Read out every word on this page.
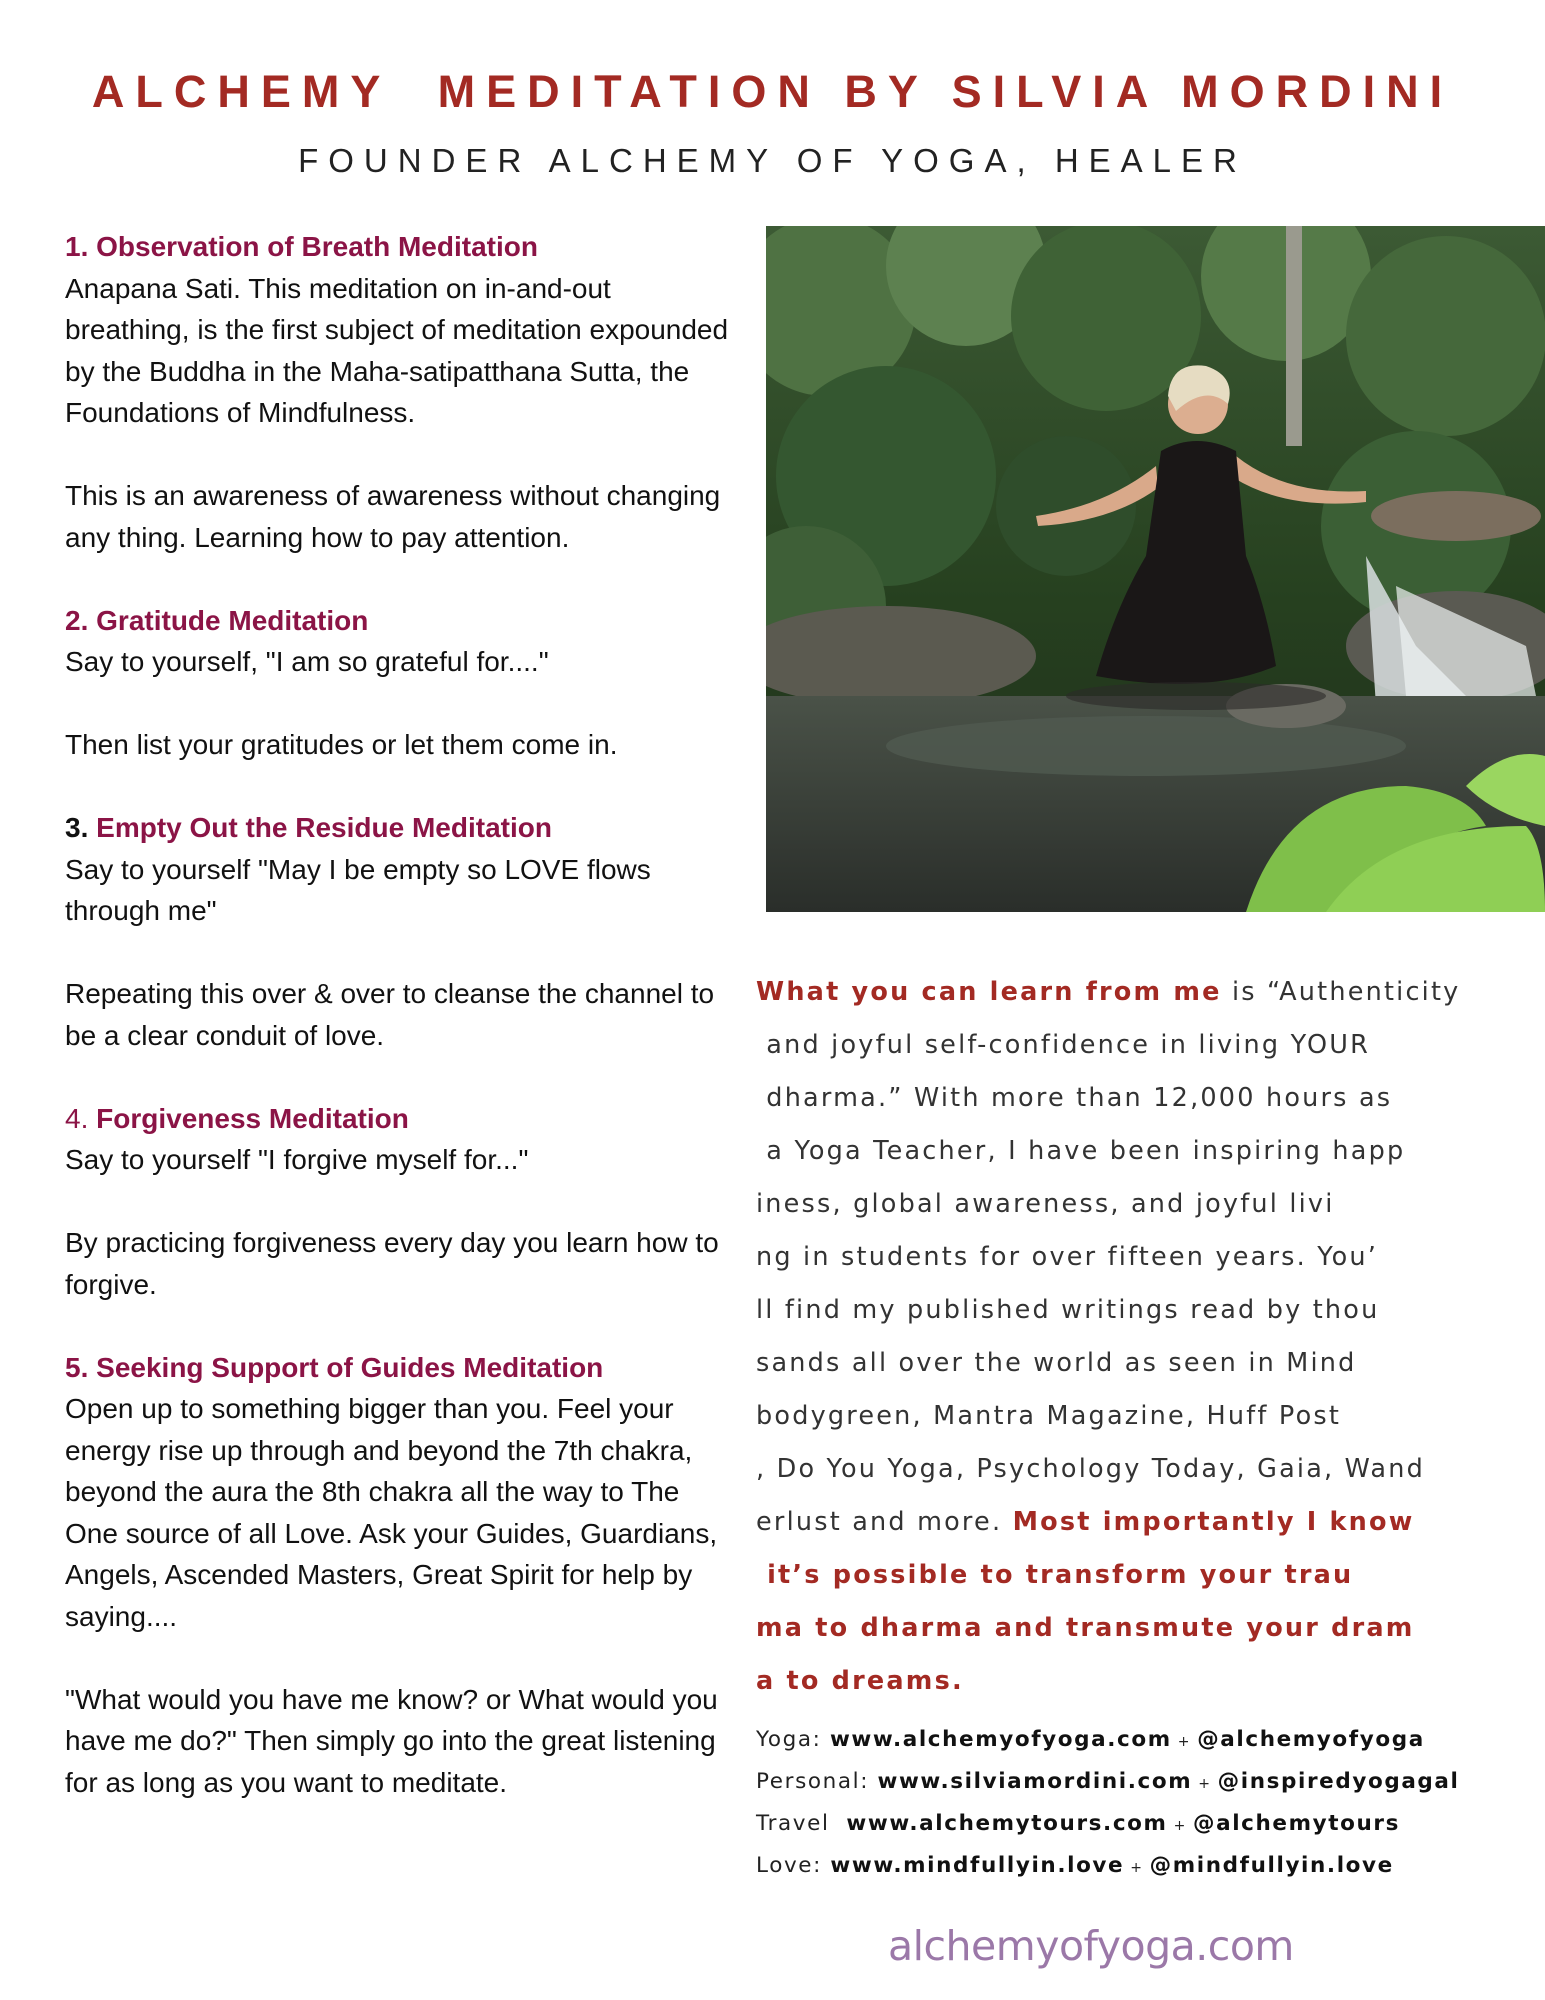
ALCHEMY  MEDITATION BY SILVIA MORDINI
FOUNDER ALCHEMY OF YOGA, HEALER
1. Observation of Breath Meditation

Anapana Sati. This meditation on in-and-out breathing, is the first subject of meditation expounded by the Buddha in the Maha-satipatthana Sutta, the Foundations of Mindfulness.

This is an awareness of awareness without changing any thing. Learning how to pay attention.

2. Gratitude Meditation

Say to yourself, "I am so grateful for...."

Then list your gratitudes or let them come in.

3. Empty Out the Residue Meditation

Say to yourself "May I be empty so LOVE flows through me"

Repeating this over & over to cleanse the channel to be a clear conduit of love.

4. Forgiveness Meditation

Say to yourself "I forgive myself for..."

By practicing forgiveness every day you learn how to forgive.

5. Seeking Support of Guides Meditation

Open up to something bigger than you. Feel your energy rise up through and beyond the 7th chakra, beyond the aura the 8th chakra all the way to The One source of all Love. Ask your Guides, Guardians, Angels, Ascended Masters, Great Spirit for help by saying....

"What would you have me know? or What would you have me do?" Then simply go into the great listening for as long as you want to meditate.

What you can learn from me is “Authenticity
and joyful self-confidence in living YOUR
dharma.” With more than 12,000 hours as
a Yoga Teacher, I have been inspiring happ
iness, global awareness, and joyful livi
ng in students for over fifteen years. You’
ll find my published writings read by thou
sands all over the world as seen in Mind
bodygreen, Mantra Magazine, Huff Post
, Do You Yoga, Psychology Today, Gaia, Wand
erlust and more. Most importantly I know
it’s possible to transform your trau
ma to dharma and transmute your dram
a to dreams.
Yoga: www.alchemyofyoga.com + @alchemyofyoga
Personal: www.silviamordini.com + @inspiredyogagal
Travel  www.alchemytours.com + @alchemytours
Love: www.mindfullyin.love + @mindfullyin.love
alchemyofyoga.com
